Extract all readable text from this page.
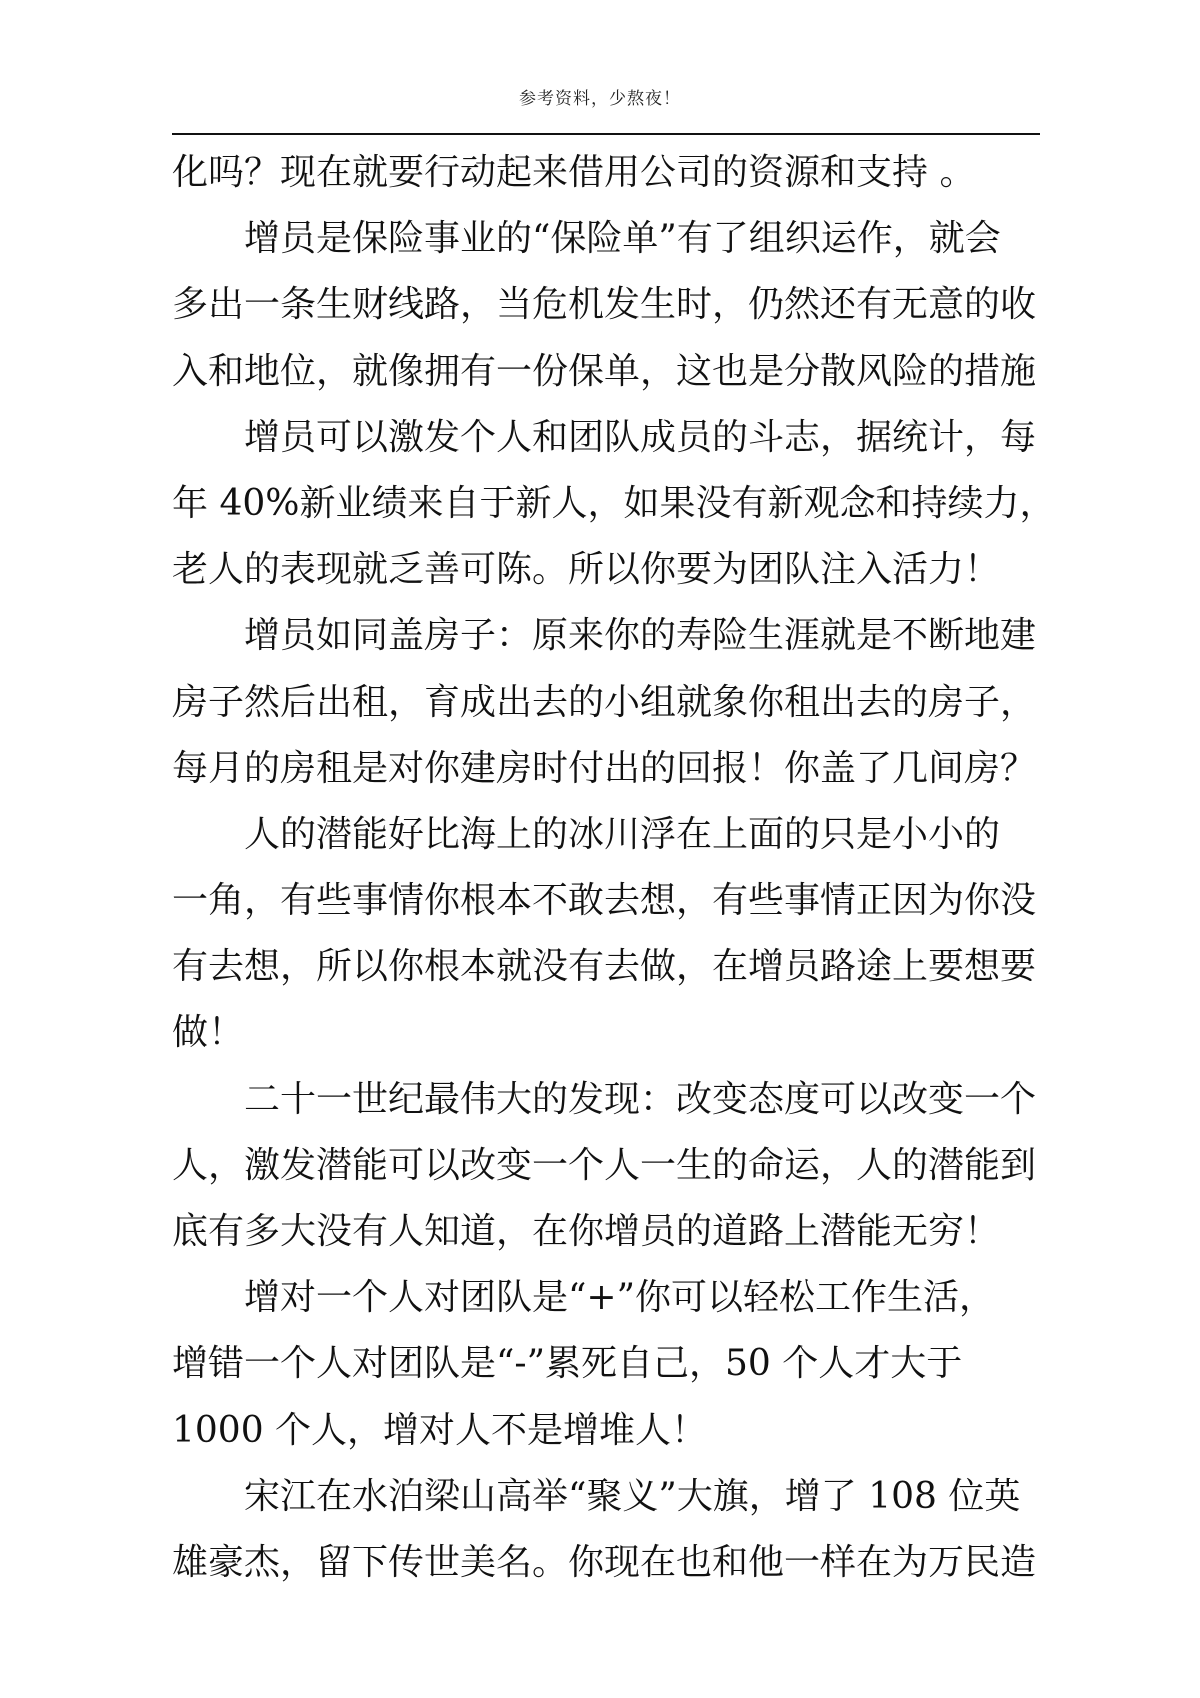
参考资料，少熬夜！
化吗？现在就要行动起来借用公司的资源和支持 。
增员是保险事业的“保险单”有了组织运作，就会
多出一条生财线路，当危机发生时，仍然还有无意的收
入和地位，就像拥有一份保单，这也是分散风险的措施
增员可以激发个人和团队成员的斗志，据统计，每
年 40%新业绩来自于新人，如果没有新观念和持续力，
老人的表现就乏善可陈。所以你要为团队注入活力！
增员如同盖房子：原来你的寿险生涯就是不断地建
房子然后出租，育成出去的小组就象你租出去的房子，
每月的房租是对你建房时付出的回报！你盖了几间房？
人的潜能好比海上的冰川浮在上面的只是小小的
一角，有些事情你根本不敢去想，有些事情正因为你没
有去想，所以你根本就没有去做，在增员路途上要想要
做！
二十一世纪最伟大的发现：改变态度可以改变一个
人，激发潜能可以改变一个人一生的命运，人的潜能到
底有多大没有人知道，在你增员的道路上潜能无穷！
增对一个人对团队是“+”你可以轻松工作生活，
增错一个人对团队是“-”累死自己，50 个人才大于
1000 个人，增对人不是增堆人！
宋江在水泊梁山高举“聚义”大旗，增了 108 位英
雄豪杰，留下传世美名。你现在也和他一样在为万民造
